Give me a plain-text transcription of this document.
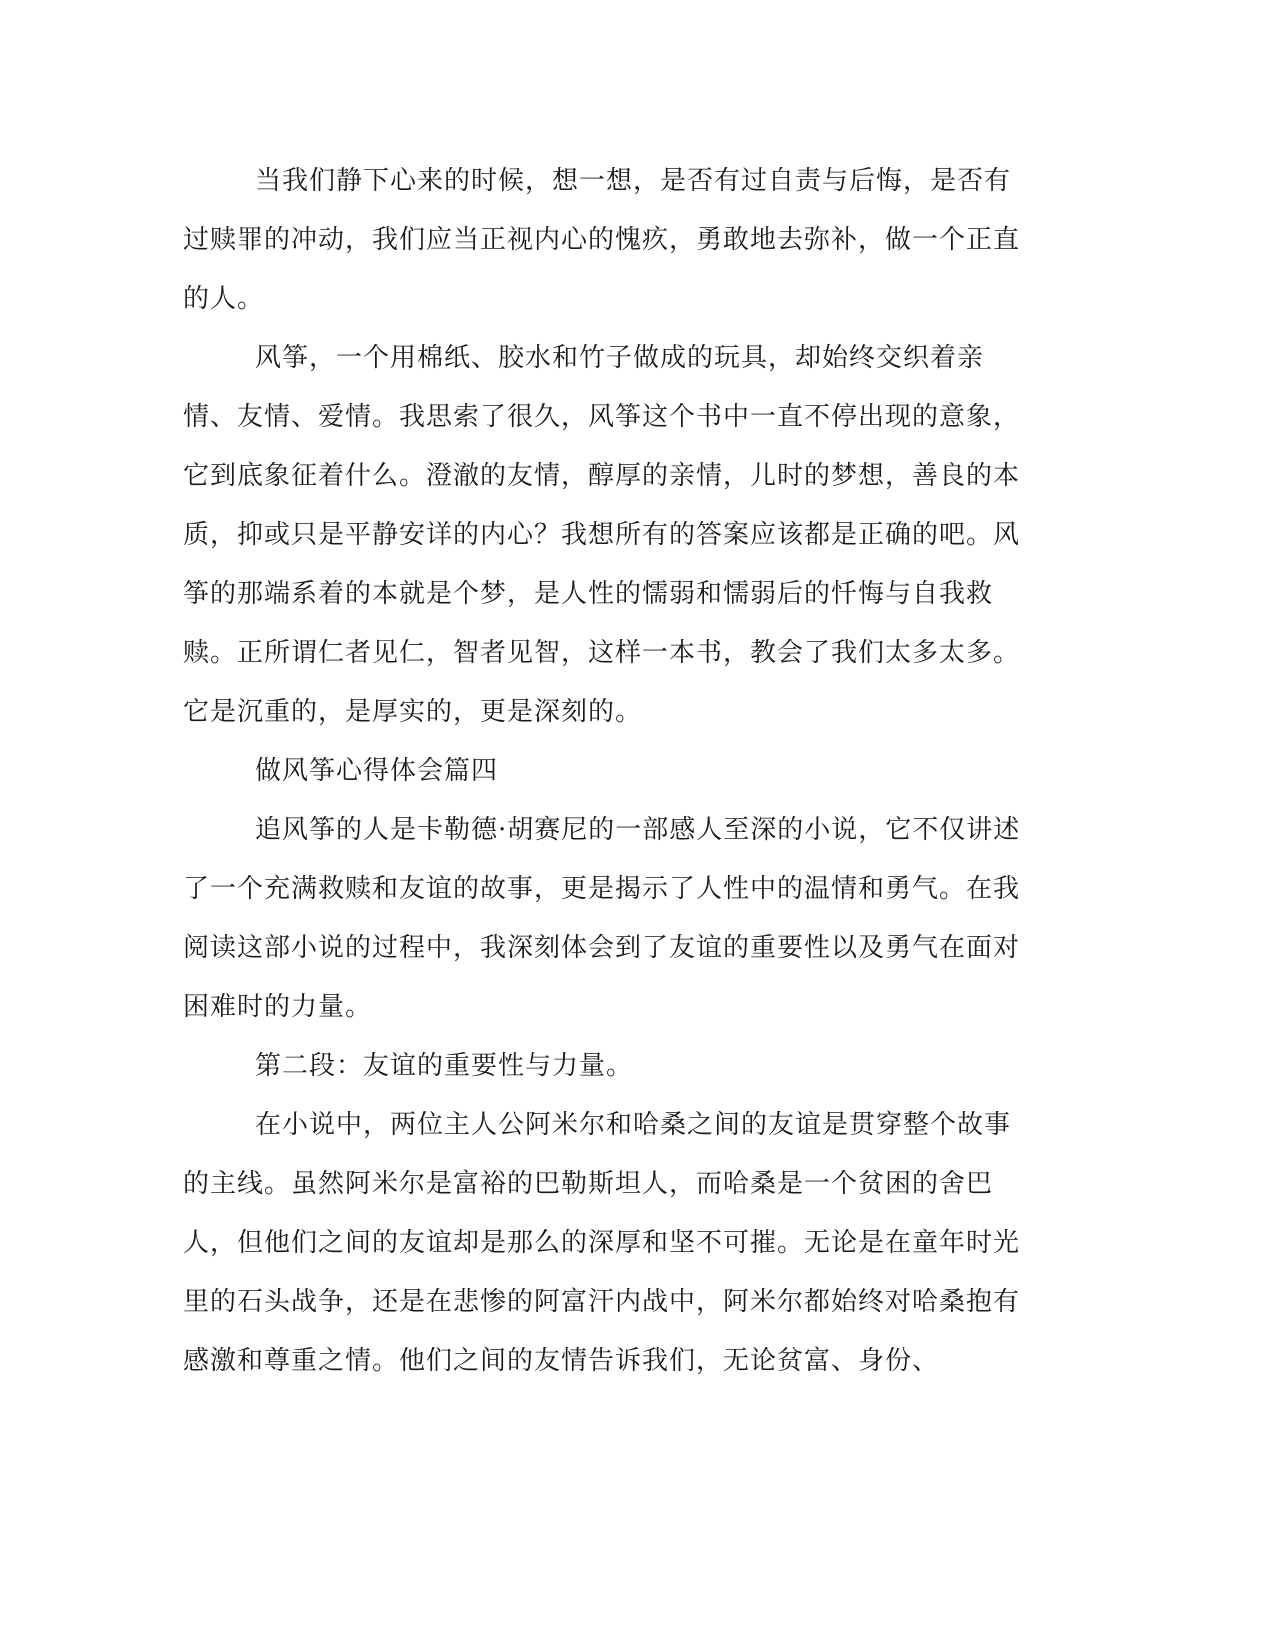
当我们静下心来的时候，想一想，是否有过自责与后悔，是否有过赎罪的冲动，我们应当正视内心的愧疚，勇敢地去弥补，做一个正直的人。

风筝，一个用棉纸、胶水和竹子做成的玩具，却始终交织着亲情、友情、爱情。我思索了很久，风筝这个书中一直不停出现的意象，它到底象征着什么。澄澈的友情，醇厚的亲情，儿时的梦想，善良的本质，抑或只是平静安详的内心？我想所有的答案应该都是正确的吧。风筝的那端系着的本就是个梦，是人性的懦弱和懦弱后的忏悔与自我救赎。正所谓仁者见仁，智者见智，这样一本书，教会了我们太多太多。它是沉重的，是厚实的，更是深刻的。

做风筝心得体会篇四

追风筝的人是卡勒德·胡赛尼的一部感人至深的小说，它不仅讲述了一个充满救赎和友谊的故事，更是揭示了人性中的温情和勇气。在我阅读这部小说的过程中，我深刻体会到了友谊的重要性以及勇气在面对困难时的力量。

第二段：友谊的重要性与力量。

在小说中，两位主人公阿米尔和哈桑之间的友谊是贯穿整个故事的主线。虽然阿米尔是富裕的巴勒斯坦人，而哈桑是一个贫困的舍巴人，但他们之间的友谊却是那么的深厚和坚不可摧。无论是在童年时光里的石头战争，还是在悲惨的阿富汗内战中，阿米尔都始终对哈桑抱有感激和尊重之情。他们之间的友情告诉我们，无论贫富、身份、
